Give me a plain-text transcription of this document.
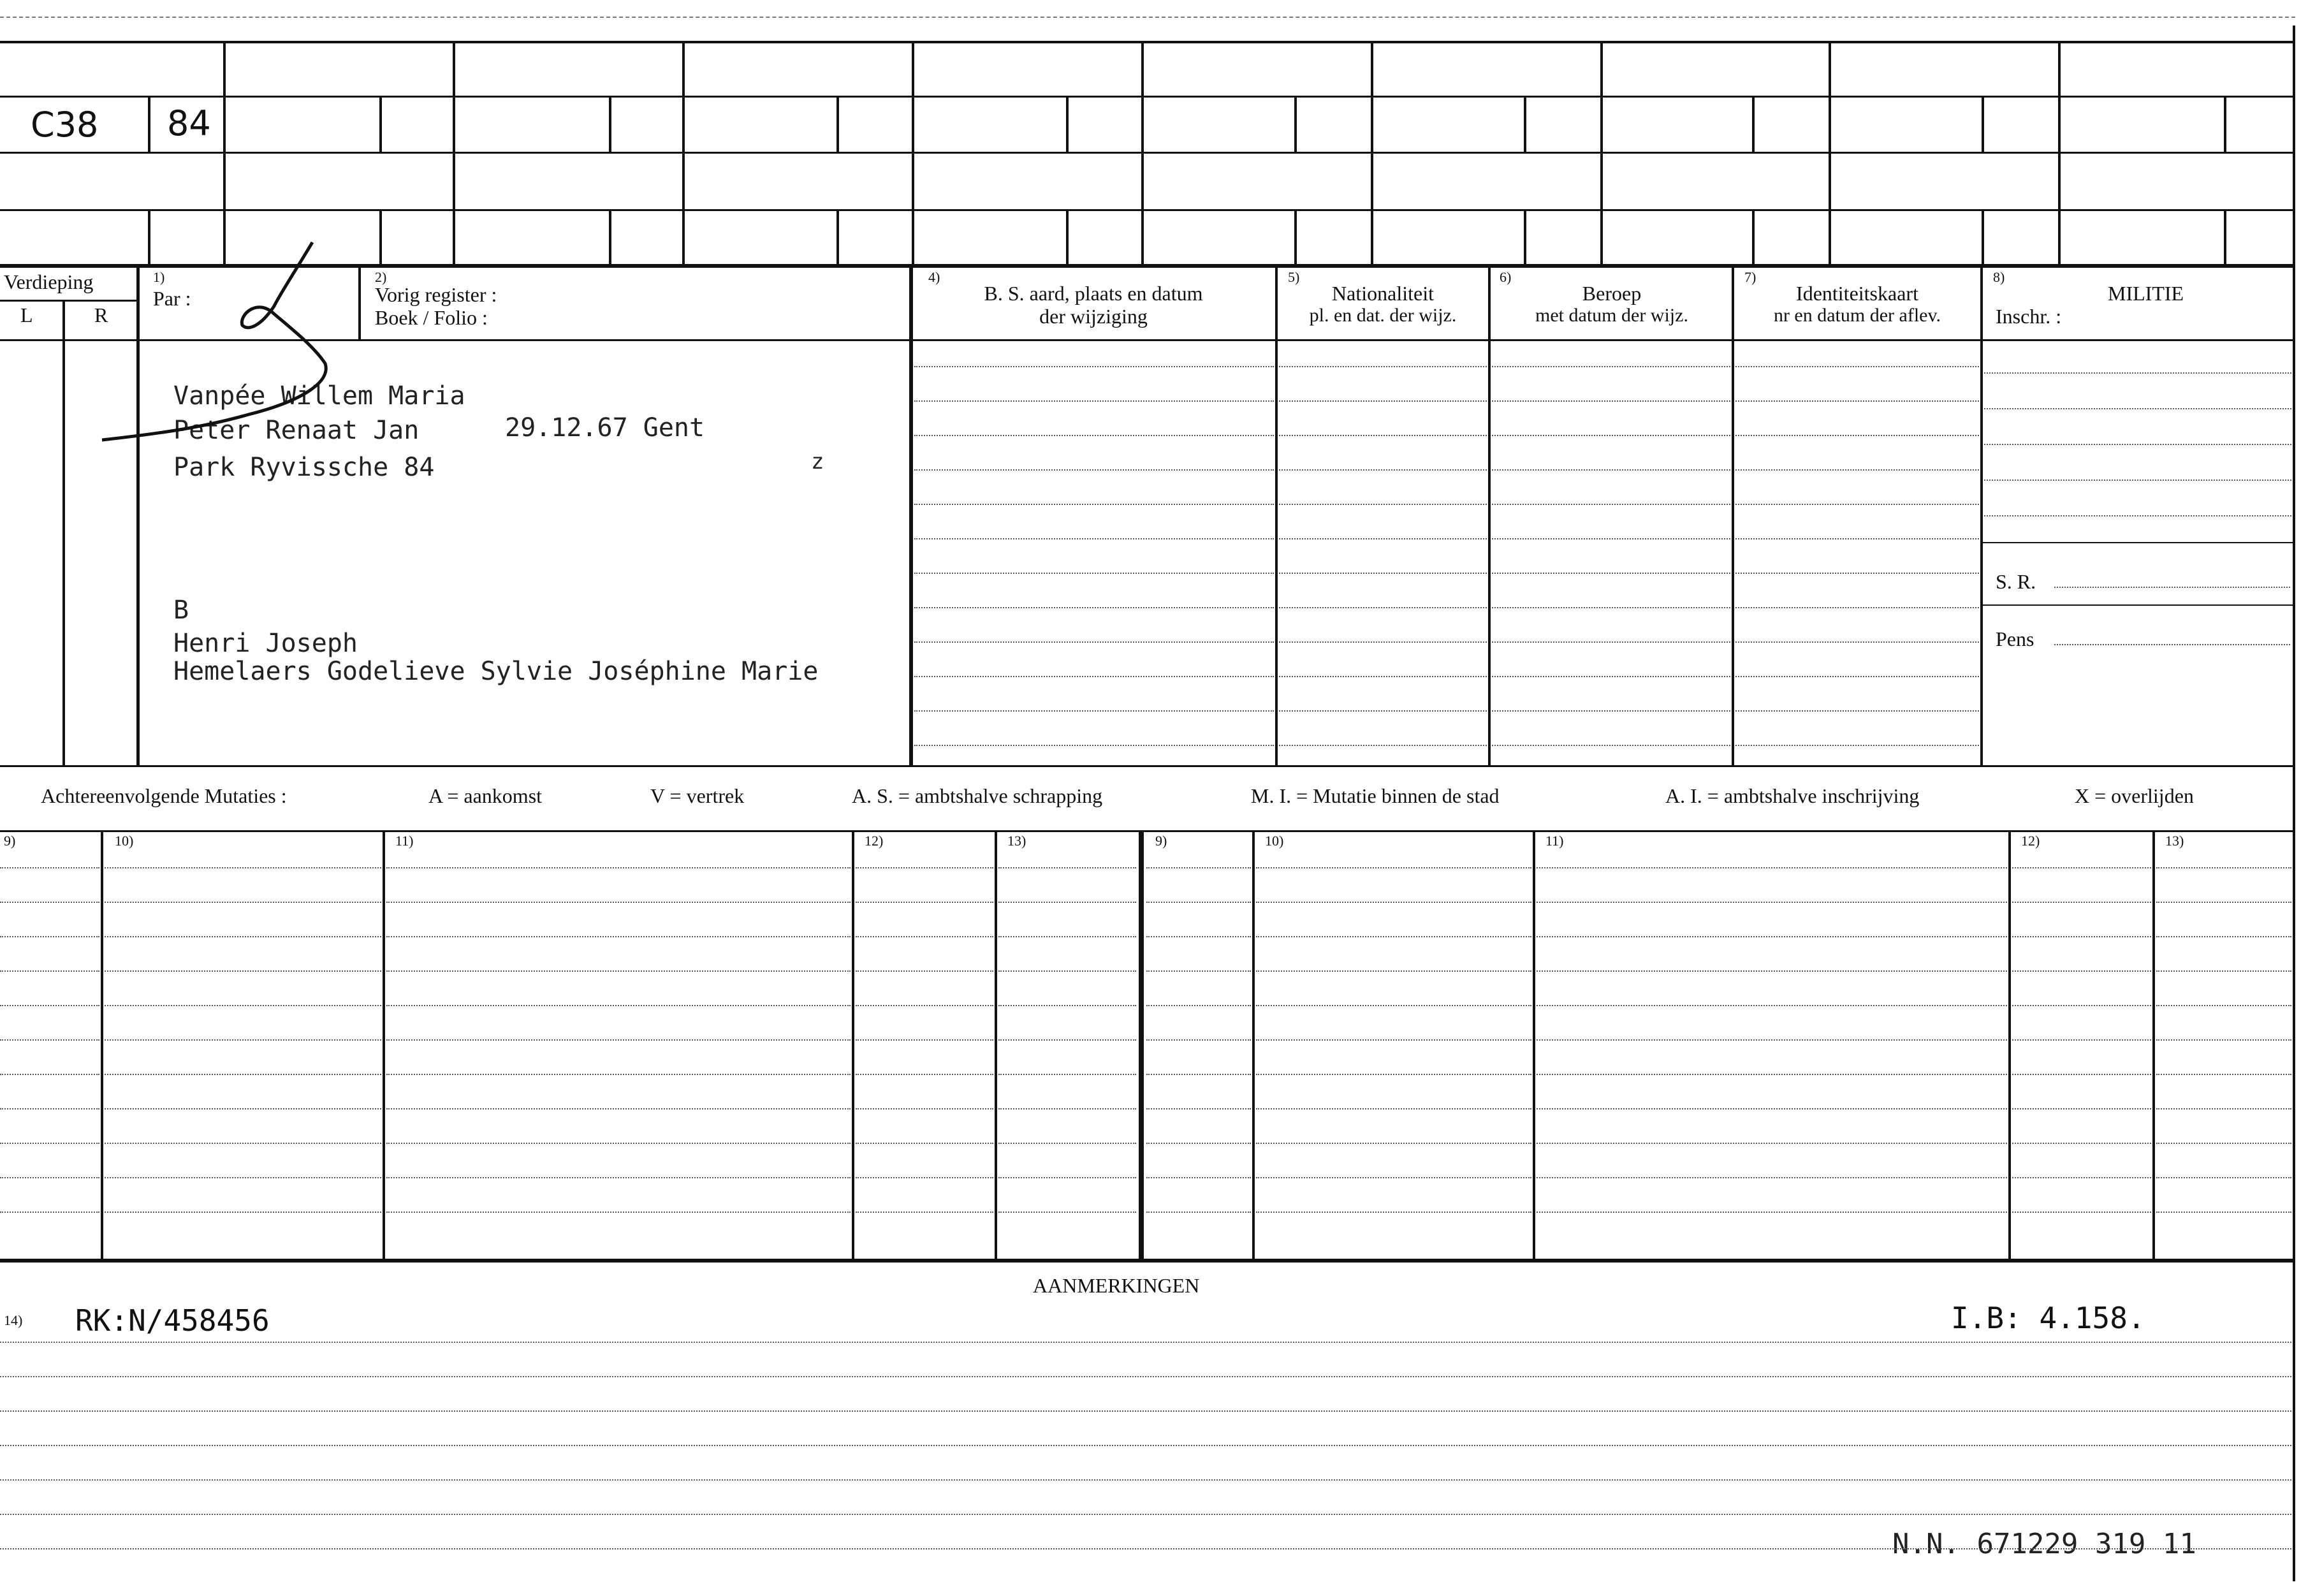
C38 84
Verdieping
L	R
1)
Par :
2)
Vorig register :
Boek / Folio :
4)
B. S. aard, plaats en datum
der wijziging
5)
Nationaliteit
pl. en dat. der wijz.
6)
Beroep
met datum der wijz.
7)
Identiteitskaart
nr en datum der aflev.
8)
MILITIE
Inschr. :
S. R.
Pens
Vanpée Willem Maria
Peter Renaat Jan	29.12.67 Gent
Park Ryvissche 84	z
B
Henri Joseph
Hemelaers Godelieve Sylvie Joséphine Marie
Achtereenvolgende Mutaties :	A = aankomst	V = vertrek	A. S. = ambtshalve schrapping	M. I. = Mutatie binnen de stad	A. I. = ambtshalve inschrijving	X = overlijden
9)	10)	11)	12)	13)	9)	10)	11)	12)	13)
AANMERKINGEN
14) RK:N/458456	I.B: 4.158.
N.N. 671229 319 11
